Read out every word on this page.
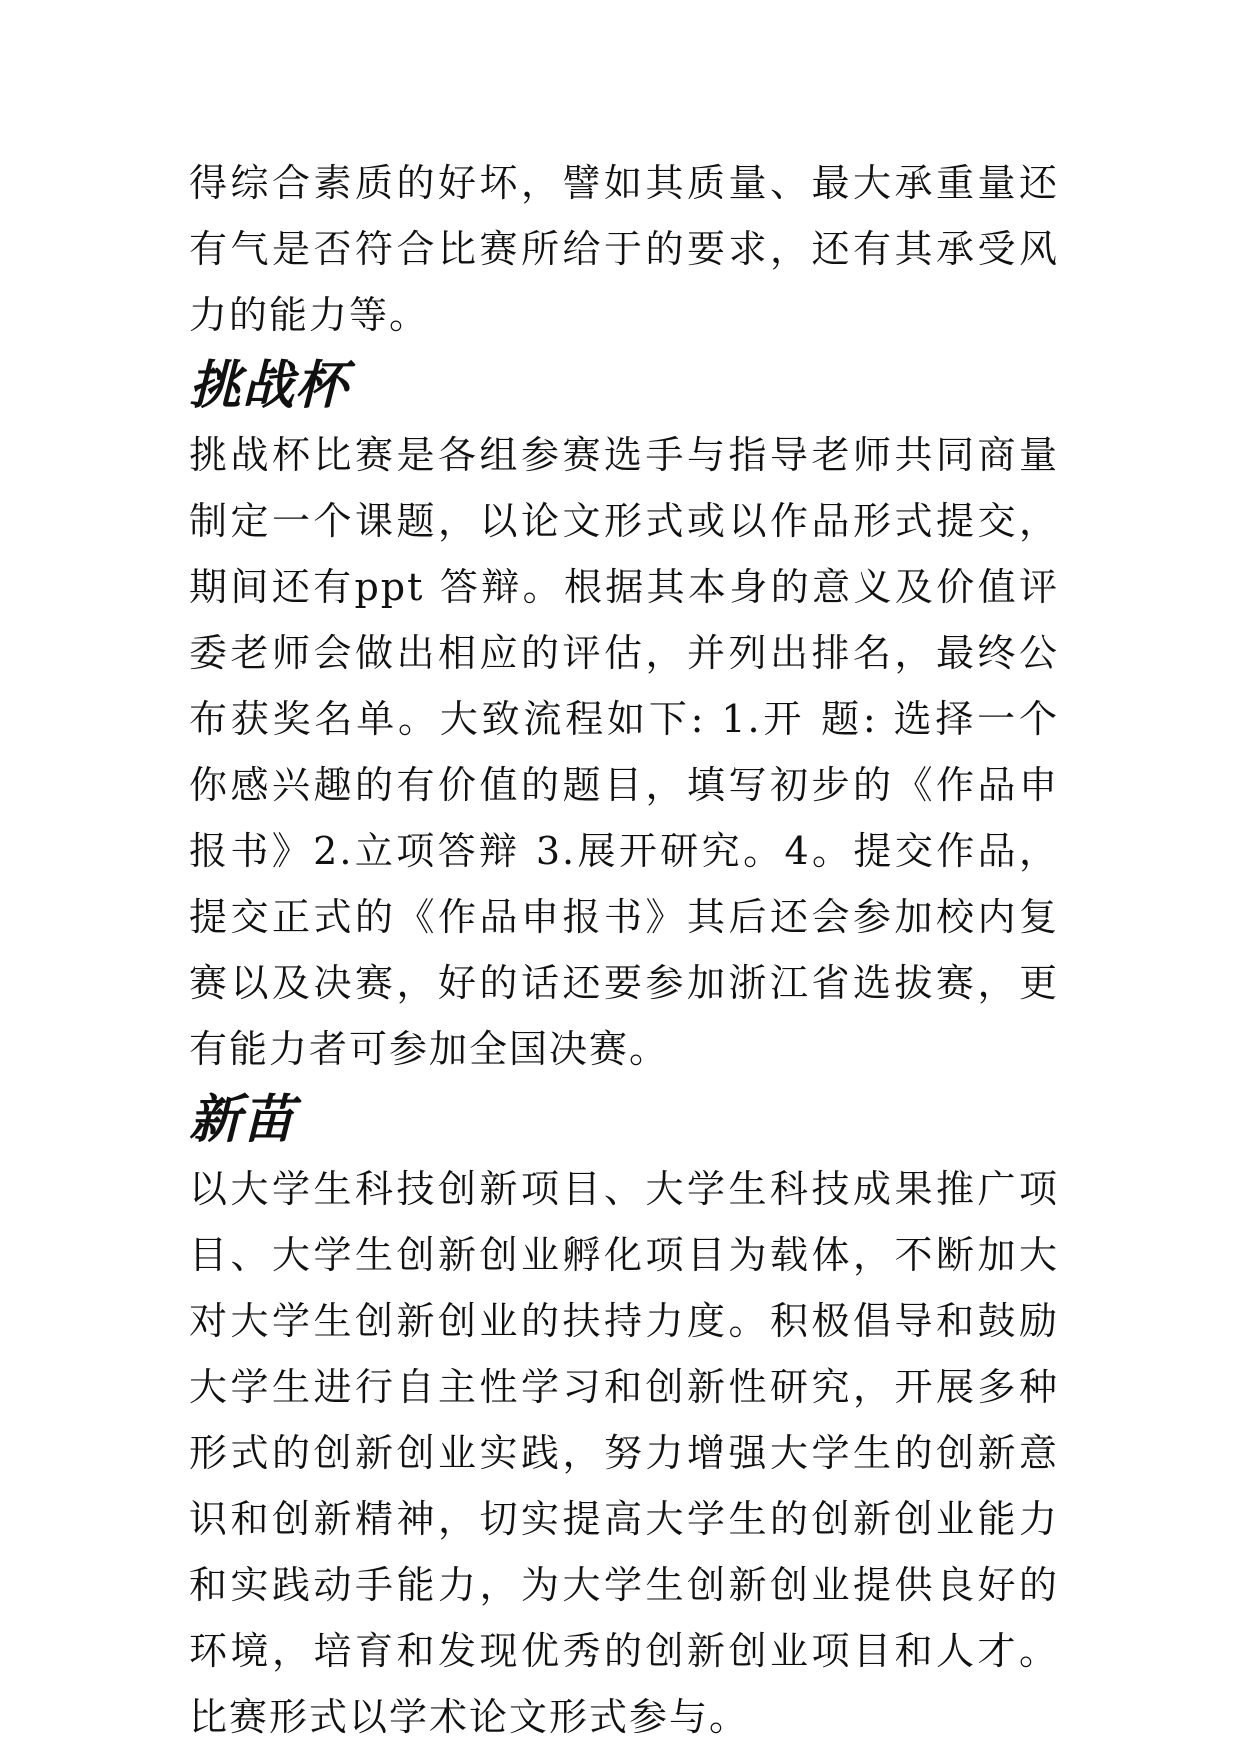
得综合素质的好坏，譬如其质量、最大承重量还有气是否符合比赛所给于的要求，还有其承受风力的能力等。

挑战杯

挑战杯比赛是各组参赛选手与指导老师共同商量制定一个课题，以论文形式或以作品形式提交，期间还有ppt 答辩。根据其本身的意义及价值评委老师会做出相应的评估，并列出排名，最终公布获奖名单。大致流程如下: 1.开 题: 选择一个你感兴趣的有价值的题目，填写初步的《作品申报书》2.立项答辩 3.展开研究。4。提交作品，提交正式的《作品申报书》其后还会参加校内复赛以及决赛，好的话还要参加浙江省选拔赛，更有能力者可参加全国决赛。

新苗

以大学生科技创新项目、大学生科技成果推广项目、大学生创新创业孵化项目为载体，不断加大对大学生创新创业的扶持力度。积极倡导和鼓励大学生进行自主性学习和创新性研究，开展多种形式的创新创业实践，努力增强大学生的创新意识和创新精神，切实提高大学生的创新创业能力和实践动手能力，为大学生创新创业提供良好的环境，培育和发现优秀的创新创业项目和人才。比赛形式以学术论文形式参与。
